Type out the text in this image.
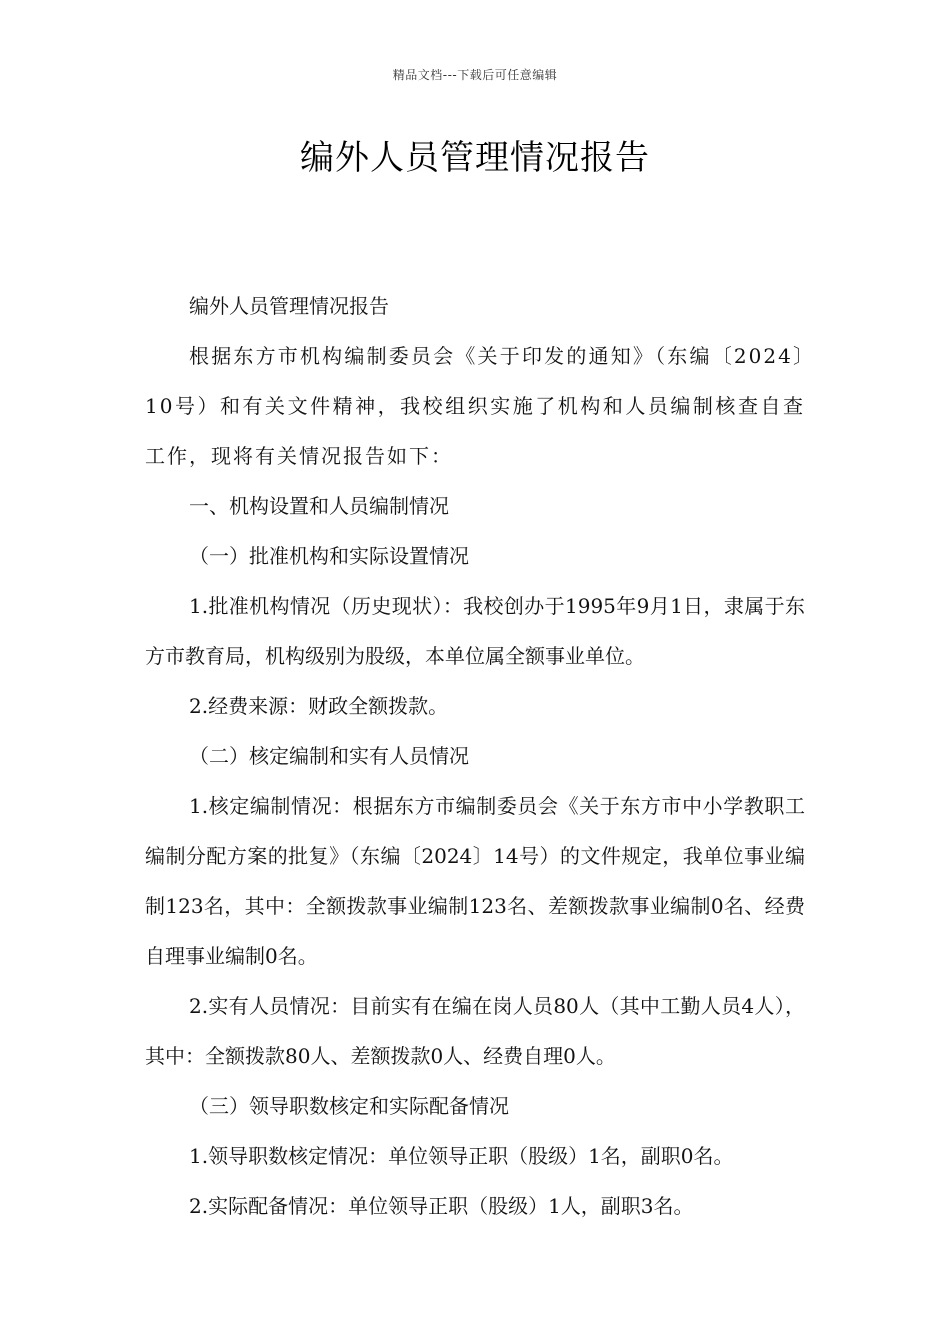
精品文档---下载后可任意编辑
编外人员管理情况报告

编外人员管理情况报告

根据东方市机构编制委员会《关于印发的通知》（东编〔2024〕10号）和有关文件精神，我校组织实施了机构和人员编制核查自查工作，现将有关情况报告如下：

一、机构设置和人员编制情况

（一）批准机构和实际设置情况

1.批准机构情况（历史现状）：我校创办于1995年9月1日，隶属于东方市教育局，机构级别为股级，本单位属全额事业单位。

2.经费来源：财政全额拨款。

（二）核定编制和实有人员情况

1.核定编制情况：根据东方市编制委员会《关于东方市中小学教职工编制分配方案的批复》（东编〔2024〕14号）的文件规定，我单位事业编制123名，其中：全额拨款事业编制123名、差额拨款事业编制0名、经费自理事业编制0名。

2.实有人员情况：目前实有在编在岗人员80人（其中工勤人员4人），其中：全额拨款80人、差额拨款0人、经费自理0人。

（三）领导职数核定和实际配备情况

1.领导职数核定情况：单位领导正职（股级）1名，副职0名。

2.实际配备情况：单位领导正职（股级）1人，副职3名。
